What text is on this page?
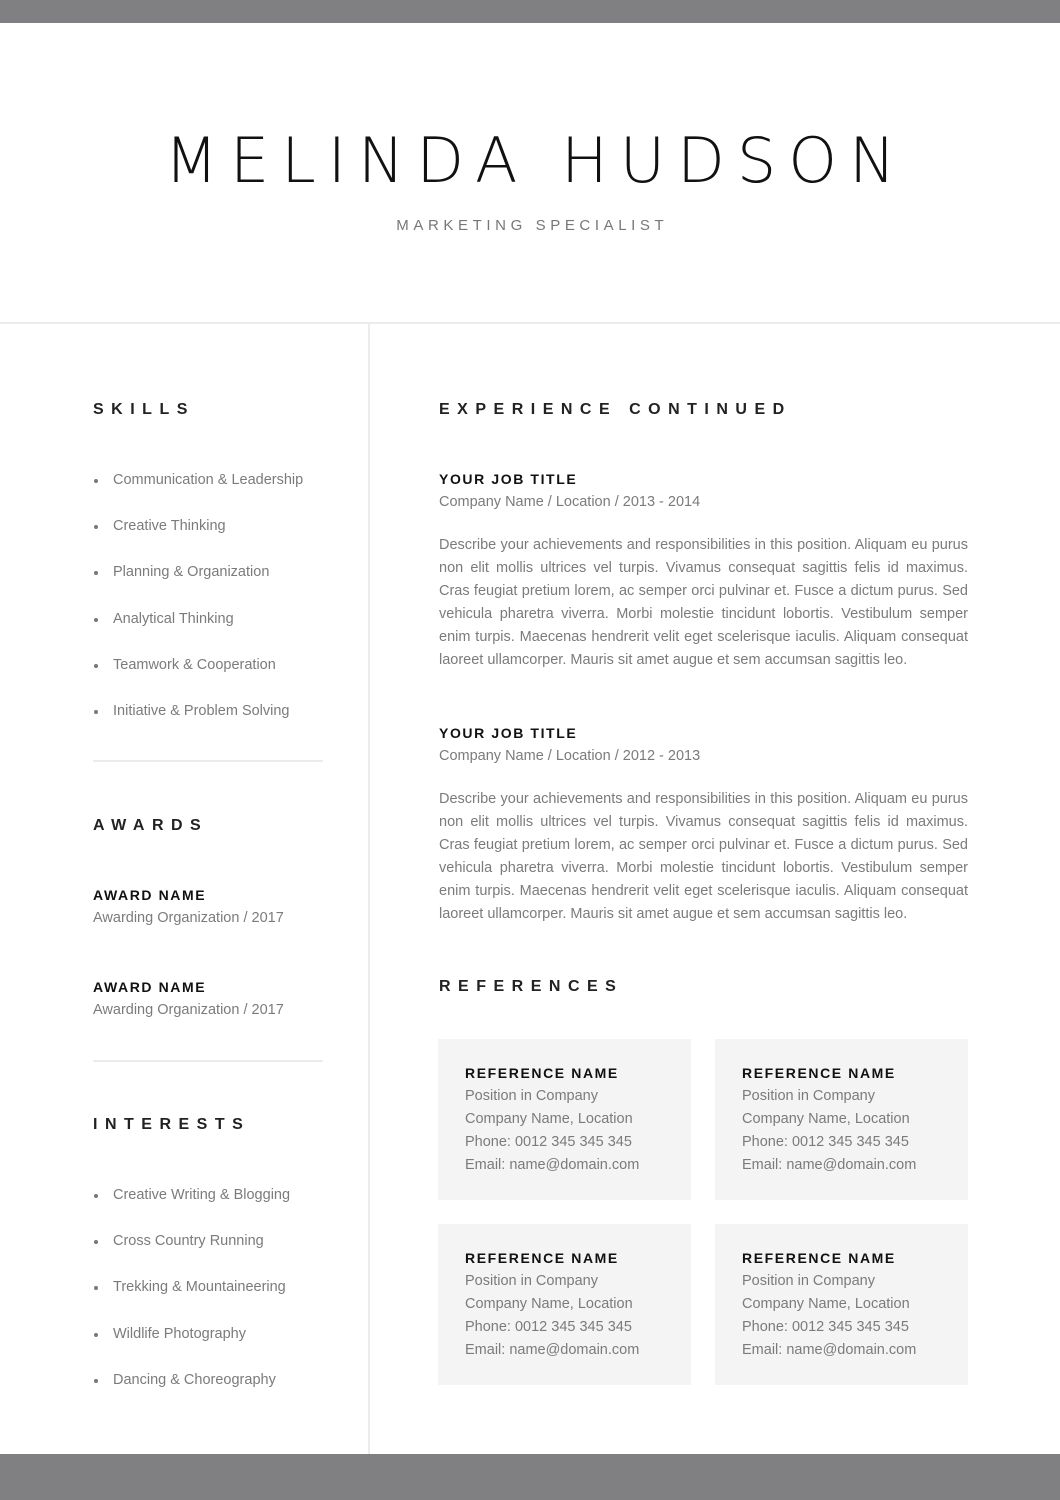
MELINDA HUDSON
MARKETING SPECIALIST
SKILLS
Communication & Leadership
Creative Thinking
Planning & Organization
Analytical Thinking
Teamwork & Cooperation
Initiative & Problem Solving
AWARDS
AWARD NAME
Awarding Organization / 2017
AWARD NAME
Awarding Organization / 2017
INTERESTS
Creative Writing & Blogging
Cross Country Running
Trekking & Mountaineering
Wildlife Photography
Dancing & Choreography
EXPERIENCE CONTINUED
YOUR JOB TITLE
Company Name / Location / 2013 - 2014

Describe your achievements and responsibilities in this position. Aliquam eu purus non elit mollis ultrices vel turpis. Vivamus consequat sagittis felis id maximus. Cras feugiat pretium lorem, ac semper orci pulvinar et. Fusce a dictum purus. Sed vehicula pharetra viverra. Morbi molestie tincidunt lobortis. Vestibulum semper enim turpis. Maecenas hendrerit velit eget scelerisque iaculis. Aliquam consequat laoreet ullamcorper. Mauris sit amet augue et sem accumsan sagittis leo.

YOUR JOB TITLE
Company Name / Location / 2012 - 2013

Describe your achievements and responsibilities in this position. Aliquam eu purus non elit mollis ultrices vel turpis. Vivamus consequat sagittis felis id maximus. Cras feugiat pretium lorem, ac semper orci pulvinar et. Fusce a dictum purus. Sed vehicula pharetra viverra. Morbi molestie tincidunt lobortis. Vestibulum semper enim turpis. Maecenas hendrerit velit eget scelerisque iaculis. Aliquam consequat laoreet ullamcorper. Mauris sit amet augue et sem accumsan sagittis leo.

REFERENCES
REFERENCE NAME
Position in Company
Company Name, Location
Phone: 0012 345 345 345
Email: name@domain.com
REFERENCE NAME
Position in Company
Company Name, Location
Phone: 0012 345 345 345
Email: name@domain.com
REFERENCE NAME
Position in Company
Company Name, Location
Phone: 0012 345 345 345
Email: name@domain.com
REFERENCE NAME
Position in Company
Company Name, Location
Phone: 0012 345 345 345
Email: name@domain.com
